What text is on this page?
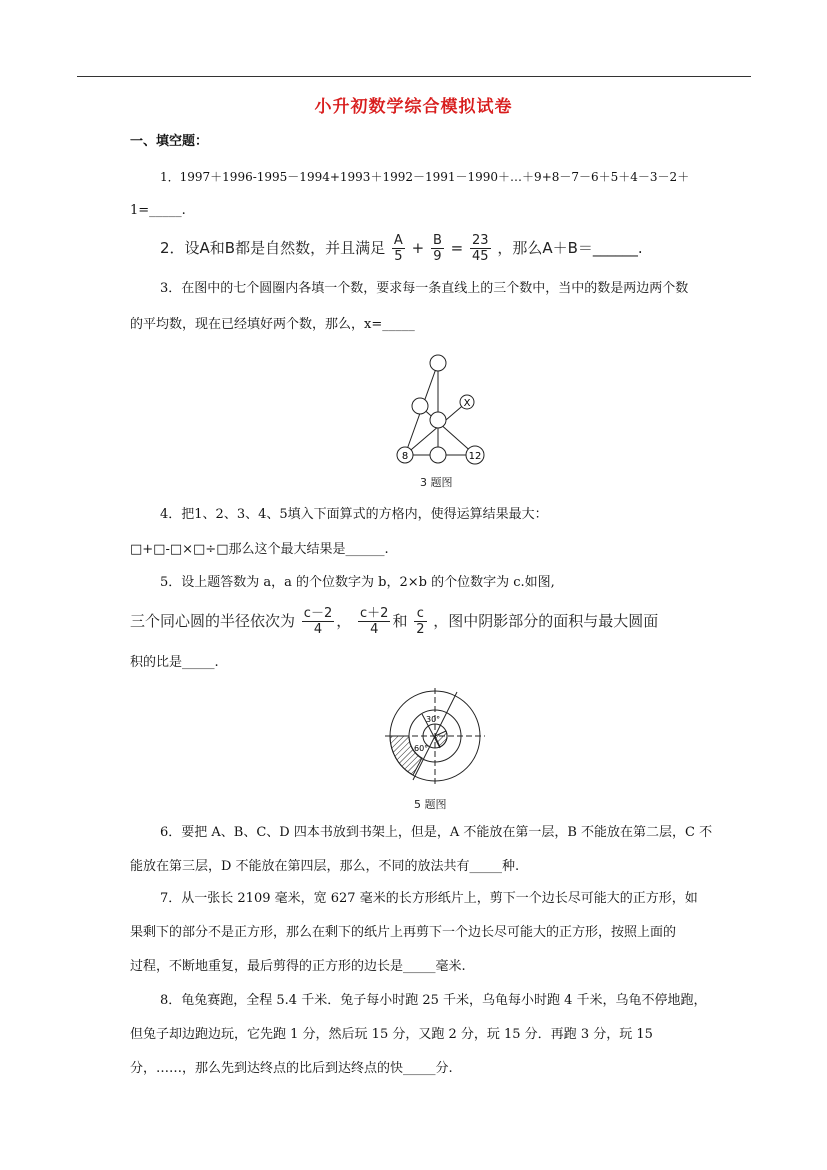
小升初数学综合模拟试卷
一、填空题：
1．1997＋1996-1995－1994+1993＋1992－1991－1990＋…＋9+8－7－6＋5＋4－3－2＋
1=_____.
2．设A和B都是自然数，并且满足 $\frac{A}{5} + \frac{B}{9} = \frac{23}{45}$ ，那么A＋B＝______.
3．在图中的七个圆圈内各填一个数，要求每一条直线上的三个数中，当中的数是两边两个数
的平均数，现在已经填好两个数，那么，x=_____
X
8	12
3 题图
4．把1、2、3、4、5填入下面算式的方格内，使得运算结果最大：
□+□-□×□÷□那么这个最大结果是______.
5．设上题答数为 a，a 的个位数字为 b，2×b 的个位数字为 c.如图,
三个同心圆的半径依次为 $\frac{c-2}{4}$ ， $\frac{c+2}{4}$ 和 $\frac{c}{2}$ ，图中阴影部分的面积与最大圆面
积的比是_____.
30°
60°
5 题图
6．要把 A、B、C、D 四本书放到书架上，但是，A 不能放在第一层，B 不能放在第二层，C 不
能放在第三层，D 不能放在第四层，那么，不同的放法共有_____种.
7．从一张长 2109 毫米，宽 627 毫米的长方形纸片上，剪下一个边长尽可能大的正方形，如
果剩下的部分不是正方形，那么在剩下的纸片上再剪下一个边长尽可能大的正方形，按照上面的
过程，不断地重复，最后剪得的正方形的边长是_____毫米.
8．龟兔赛跑，全程 5.4 千米．兔子每小时跑 25 千米，乌龟每小时跑 4 千米，乌龟不停地跑，
但兔子却边跑边玩，它先跑 1 分，然后玩 15 分，又跑 2 分，玩 15 分．再跑 3 分，玩 15
分，……，那么先到达终点的比后到达终点的快_____分.
